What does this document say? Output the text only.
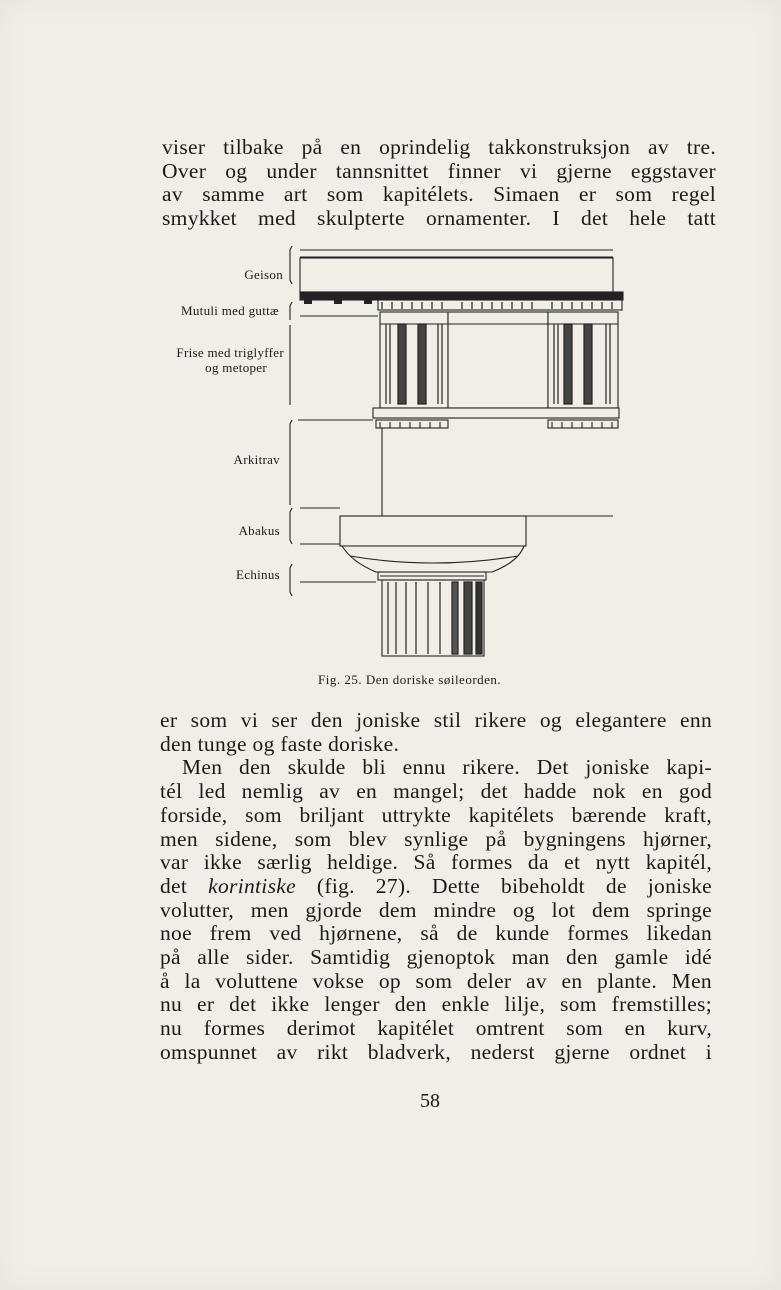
viser tilbake på en oprindelig takkonstruksjon av tre.
Over og under tannsnittet finner vi gjerne eggstaver
av samme art som kapitélets. Simaen er som regel
smykket med skulpterte ornamenter. I det hele tatt
Geison
Mutuli med guttæ
Frise med triglyffer
og metoper
Arkitrav
Abakus
Echinus
Fig. 25. Den doriske søileorden.
er som vi ser den joniske stil rikere og elegantere enn
den tunge og faste doriske.
Men den skulde bli ennu rikere. Det joniske kapi-
tél led nemlig av en mangel; det hadde nok en god
forside, som briljant uttrykte kapitélets bærende kraft,
men sidene, som blev synlige på bygningens hjørner,
var ikke særlig heldige. Så formes da et nytt kapitél,
det korintiske (fig. 27). Dette bibeholdt de joniske
volutter, men gjorde dem mindre og lot dem springe
noe frem ved hjørnene, så de kunde formes likedan
på alle sider. Samtidig gjenoptok man den gamle idé
å la voluttene vokse op som deler av en plante. Men
nu er det ikke lenger den enkle lilje, som fremstilles;
nu formes derimot kapitélet omtrent som en kurv,
omspunnet av rikt bladverk, nederst gjerne ordnet i
58
